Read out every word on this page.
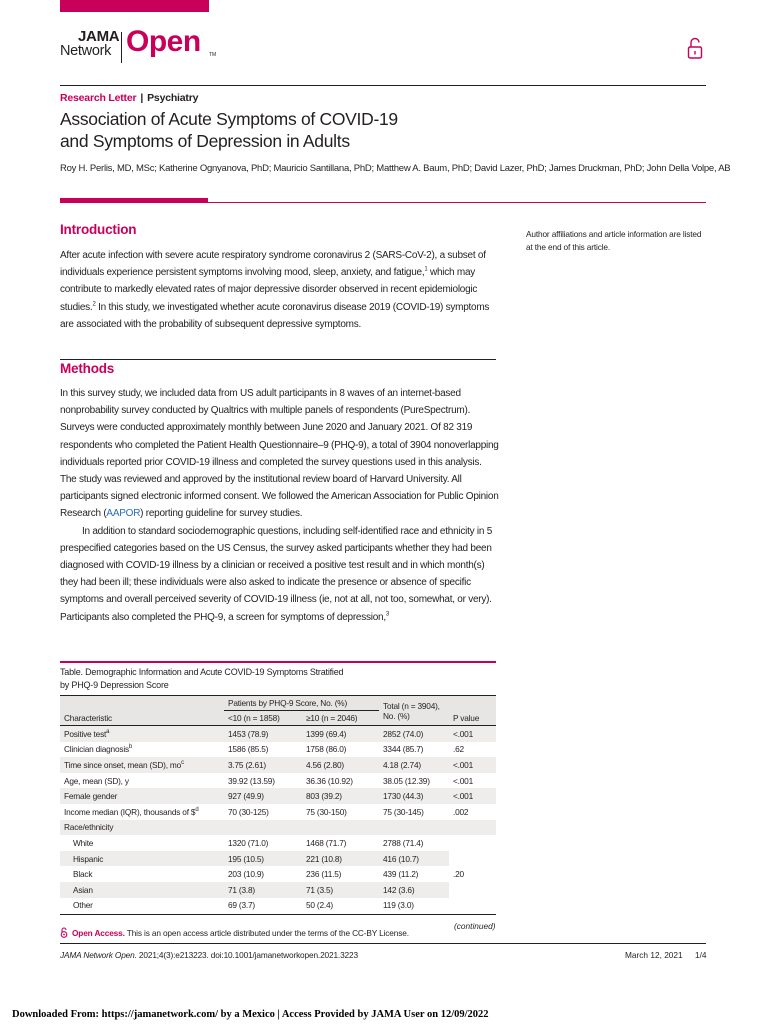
JAMA
Network Open TM
Research Letter | Psychiatry
Association of Acute Symptoms of COVID-19
and Symptoms of Depression in Adults
Roy H. Perlis, MD, MSc; Katherine Ognyanova, PhD; Mauricio Santillana, PhD; Matthew A. Baum, PhD; David Lazer, PhD; James Druckman, PhD; John Della Volpe, AB
Introduction

After acute infection with severe acute respiratory syndrome coronavirus 2 (SARS-CoV-2), a subset of individuals experience persistent symptoms involving mood, sleep, anxiety, and fatigue,$^1$ which may contribute to markedly elevated rates of major depressive disorder observed in recent epidemiologic studies.$^2$ In this study, we investigated whether acute coronavirus disease 2019 (COVID-19) symptoms are associated with the probability of subsequent depressive symptoms.

Author affiliations and article information are listed at the end of this article.
Methods

In this survey study, we included data from US adult participants in 8 waves of an internet-based nonprobability survey conducted by Qualtrics with multiple panels of respondents (PureSpectrum). Surveys were conducted approximately monthly between June 2020 and January 2021. Of 82 319 respondents who completed the Patient Health Questionnaire–9 (PHQ-9), a total of 3904 nonoverlapping individuals reported prior COVID-19 illness and completed the survey questions used in this analysis. The study was reviewed and approved by the institutional review board of Harvard University. All participants signed electronic informed consent. We followed the American Association for Public Opinion Research (AAPOR) reporting guideline for survey studies.

In addition to standard sociodemographic questions, including self-identified race and ethnicity in 5 prespecified categories based on the US Census, the survey asked participants whether they had been diagnosed with COVID-19 illness by a clinician or received a positive test result and in which month(s) they had been ill; these individuals were also asked to indicate the presence or absence of specific symptoms and overall perceived severity of COVID-19 illness (ie, not at all, not too, somewhat, or very). Participants also completed the PHQ-9, a screen for symptoms of depression,$^3$

Table. Demographic Information and Acute COVID-19 Symptoms Stratified
by PHQ-9 Depression Score
	Patients by PHQ-9 Score, No. (%)		Total (n = 3904),
No. (%)	

Characteristic	<10 (n = 1858)	≥10 (n = 2046)		P value
Positive test$^a$	1453 (78.9)	1399 (69.4)	2852 (74.0)	<.001
Clinician diagnosis$^b$	1586 (85.5)	1758 (86.0)	3344 (85.7)	.62
Time since onset, mean (SD), $mo^c$	3.75 (2.61)	4.56 (2.80)	4.18 (2.74)	<.001
Age, mean (SD), y	39.92 (13.59)	36.36 (10.92)	38.05 (12.39)	<.001
Female gender	927 (49.9)	803 (39.2)	1730 (44.3)	<.001
Income median (IQR), thousands of \$$^d$	70 (30-125)	75 (30-150)	75 (30-145)	.002
Race/ethnicity				
White	1320 (71.0)	1468 (71.7)	2788 (71.4)	.20
Hispanic	195 (10.5)	221 (10.8)	416 (10.7)	
Black	203 (10.9)	236 (11.5)	439 (11.2)	
Asian	71 (3.8)	71 (3.5)	142 (3.6)	
Other	69 (3.7)	50 (2.4)	119 (3.0)	
(continued)
Open Access. This is an open access article distributed under the terms of the CC-BY License.
JAMA Network Open. 2021;4(3):e213223. doi:10.1001/jamanetworkopen.2021.3223	March 12, 2021 1/4
Downloaded From: https://jamanetwork.com/ by a Mexico | Access Provided by JAMA User on 12/09/2022
